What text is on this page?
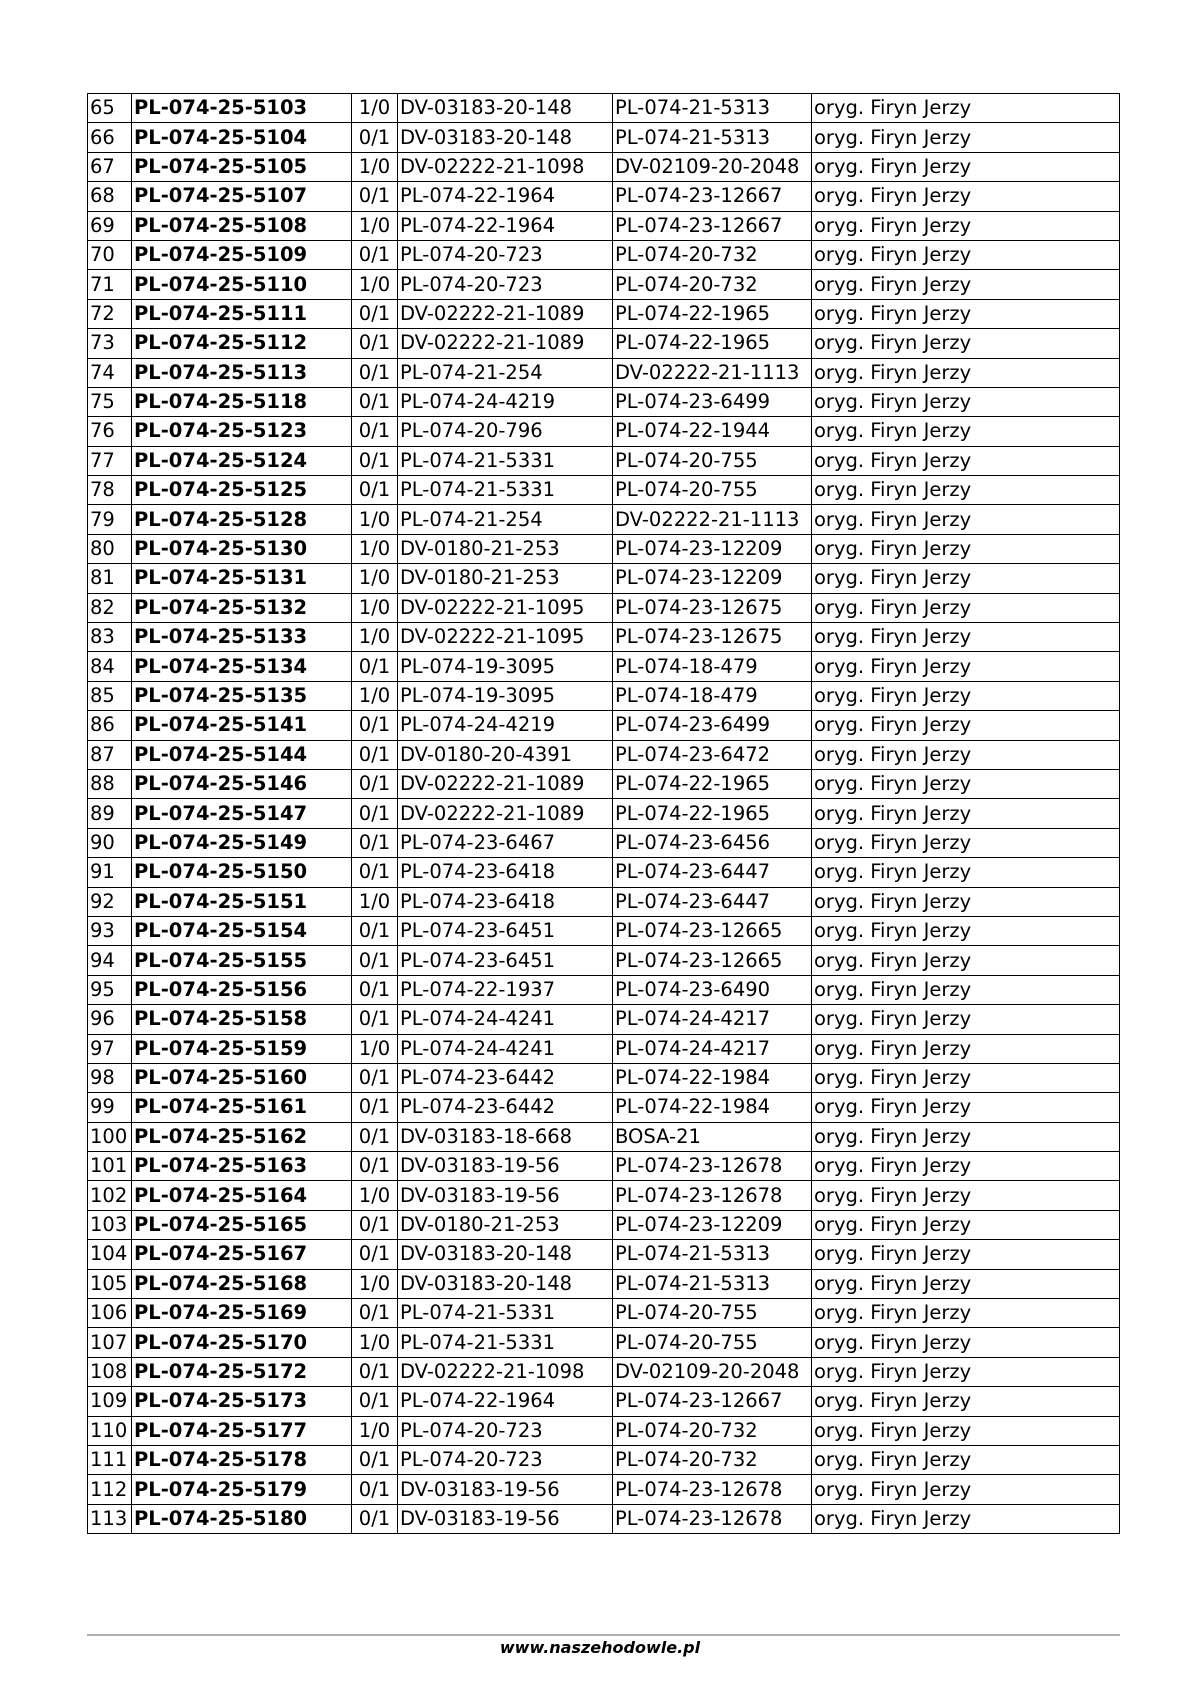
65	PL-074-25-5103	1/0	DV-03183-20-148	PL-074-21-5313	oryg. Firyn Jerzy
66	PL-074-25-5104	0/1	DV-03183-20-148	PL-074-21-5313	oryg. Firyn Jerzy
67	PL-074-25-5105	1/0	DV-02222-21-1098	DV-02109-20-2048	oryg. Firyn Jerzy
68	PL-074-25-5107	0/1	PL-074-22-1964	PL-074-23-12667	oryg. Firyn Jerzy
69	PL-074-25-5108	1/0	PL-074-22-1964	PL-074-23-12667	oryg. Firyn Jerzy
70	PL-074-25-5109	0/1	PL-074-20-723	PL-074-20-732	oryg. Firyn Jerzy
71	PL-074-25-5110	1/0	PL-074-20-723	PL-074-20-732	oryg. Firyn Jerzy
72	PL-074-25-5111	0/1	DV-02222-21-1089	PL-074-22-1965	oryg. Firyn Jerzy
73	PL-074-25-5112	0/1	DV-02222-21-1089	PL-074-22-1965	oryg. Firyn Jerzy
74	PL-074-25-5113	0/1	PL-074-21-254	DV-02222-21-1113	oryg. Firyn Jerzy
75	PL-074-25-5118	0/1	PL-074-24-4219	PL-074-23-6499	oryg. Firyn Jerzy
76	PL-074-25-5123	0/1	PL-074-20-796	PL-074-22-1944	oryg. Firyn Jerzy
77	PL-074-25-5124	0/1	PL-074-21-5331	PL-074-20-755	oryg. Firyn Jerzy
78	PL-074-25-5125	0/1	PL-074-21-5331	PL-074-20-755	oryg. Firyn Jerzy
79	PL-074-25-5128	1/0	PL-074-21-254	DV-02222-21-1113	oryg. Firyn Jerzy
80	PL-074-25-5130	1/0	DV-0180-21-253	PL-074-23-12209	oryg. Firyn Jerzy
81	PL-074-25-5131	1/0	DV-0180-21-253	PL-074-23-12209	oryg. Firyn Jerzy
82	PL-074-25-5132	1/0	DV-02222-21-1095	PL-074-23-12675	oryg. Firyn Jerzy
83	PL-074-25-5133	1/0	DV-02222-21-1095	PL-074-23-12675	oryg. Firyn Jerzy
84	PL-074-25-5134	0/1	PL-074-19-3095	PL-074-18-479	oryg. Firyn Jerzy
85	PL-074-25-5135	1/0	PL-074-19-3095	PL-074-18-479	oryg. Firyn Jerzy
86	PL-074-25-5141	0/1	PL-074-24-4219	PL-074-23-6499	oryg. Firyn Jerzy
87	PL-074-25-5144	0/1	DV-0180-20-4391	PL-074-23-6472	oryg. Firyn Jerzy
88	PL-074-25-5146	0/1	DV-02222-21-1089	PL-074-22-1965	oryg. Firyn Jerzy
89	PL-074-25-5147	0/1	DV-02222-21-1089	PL-074-22-1965	oryg. Firyn Jerzy
90	PL-074-25-5149	0/1	PL-074-23-6467	PL-074-23-6456	oryg. Firyn Jerzy
91	PL-074-25-5150	0/1	PL-074-23-6418	PL-074-23-6447	oryg. Firyn Jerzy
92	PL-074-25-5151	1/0	PL-074-23-6418	PL-074-23-6447	oryg. Firyn Jerzy
93	PL-074-25-5154	0/1	PL-074-23-6451	PL-074-23-12665	oryg. Firyn Jerzy
94	PL-074-25-5155	0/1	PL-074-23-6451	PL-074-23-12665	oryg. Firyn Jerzy
95	PL-074-25-5156	0/1	PL-074-22-1937	PL-074-23-6490	oryg. Firyn Jerzy
96	PL-074-25-5158	0/1	PL-074-24-4241	PL-074-24-4217	oryg. Firyn Jerzy
97	PL-074-25-5159	1/0	PL-074-24-4241	PL-074-24-4217	oryg. Firyn Jerzy
98	PL-074-25-5160	0/1	PL-074-23-6442	PL-074-22-1984	oryg. Firyn Jerzy
99	PL-074-25-5161	0/1	PL-074-23-6442	PL-074-22-1984	oryg. Firyn Jerzy
100	PL-074-25-5162	0/1	DV-03183-18-668	BOSA-21	oryg. Firyn Jerzy
101	PL-074-25-5163	0/1	DV-03183-19-56	PL-074-23-12678	oryg. Firyn Jerzy
102	PL-074-25-5164	1/0	DV-03183-19-56	PL-074-23-12678	oryg. Firyn Jerzy
103	PL-074-25-5165	0/1	DV-0180-21-253	PL-074-23-12209	oryg. Firyn Jerzy
104	PL-074-25-5167	0/1	DV-03183-20-148	PL-074-21-5313	oryg. Firyn Jerzy
105	PL-074-25-5168	1/0	DV-03183-20-148	PL-074-21-5313	oryg. Firyn Jerzy
106	PL-074-25-5169	0/1	PL-074-21-5331	PL-074-20-755	oryg. Firyn Jerzy
107	PL-074-25-5170	1/0	PL-074-21-5331	PL-074-20-755	oryg. Firyn Jerzy
108	PL-074-25-5172	0/1	DV-02222-21-1098	DV-02109-20-2048	oryg. Firyn Jerzy
109	PL-074-25-5173	0/1	PL-074-22-1964	PL-074-23-12667	oryg. Firyn Jerzy
110	PL-074-25-5177	1/0	PL-074-20-723	PL-074-20-732	oryg. Firyn Jerzy
111	PL-074-25-5178	0/1	PL-074-20-723	PL-074-20-732	oryg. Firyn Jerzy
112	PL-074-25-5179	0/1	DV-03183-19-56	PL-074-23-12678	oryg. Firyn Jerzy
113	PL-074-25-5180	0/1	DV-03183-19-56	PL-074-23-12678	oryg. Firyn Jerzy
www.naszehodowle.pl
